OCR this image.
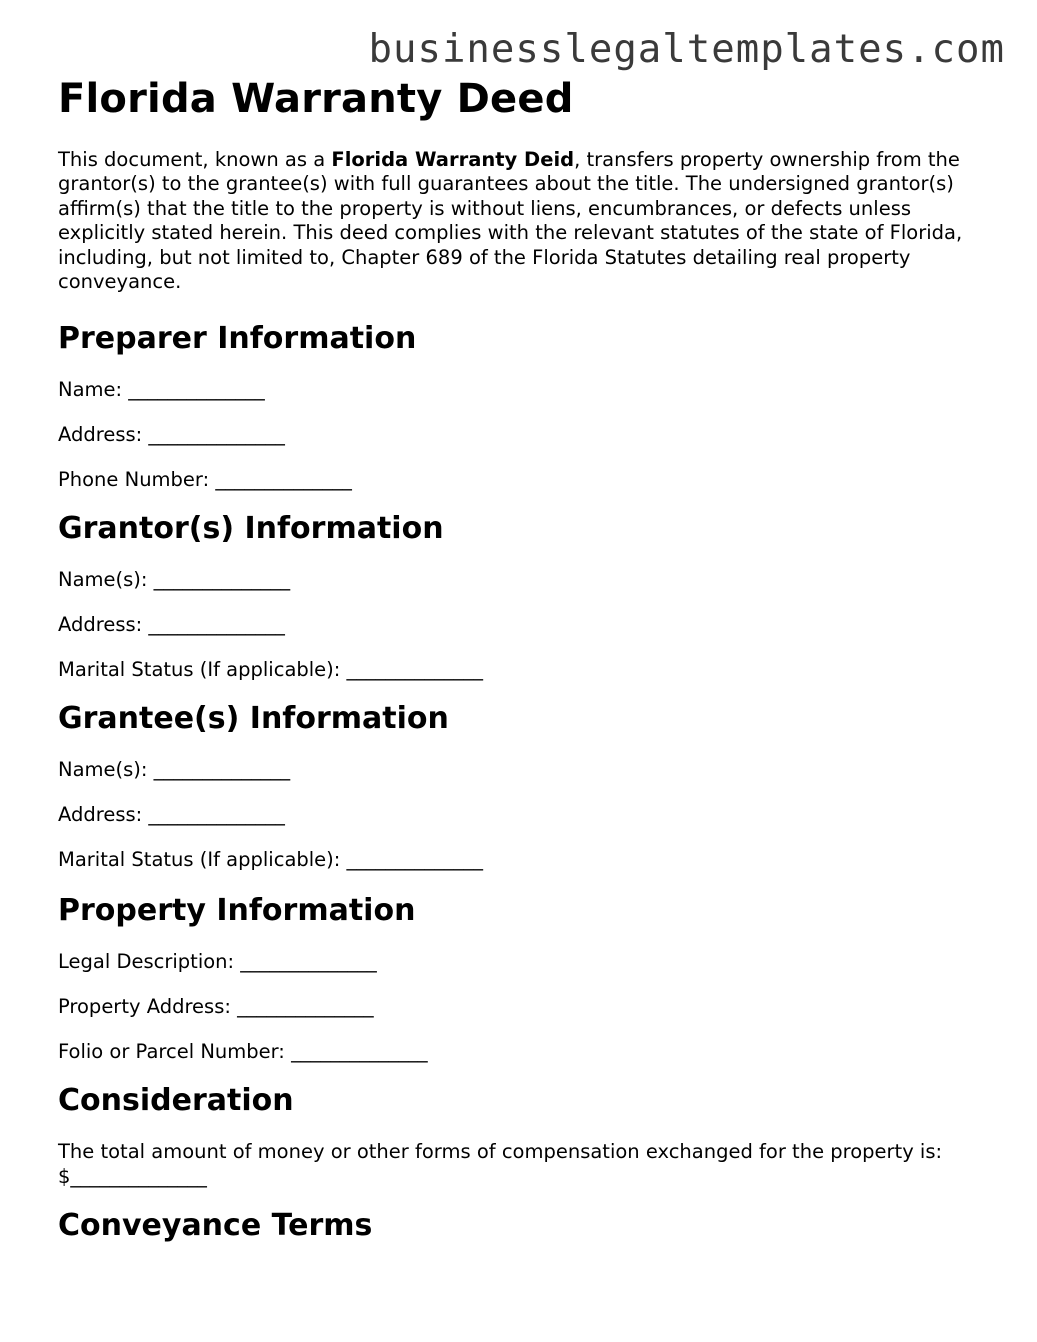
businesslegaltemplates.com
Florida Warranty Deed

This document, known as a Florida Warranty Deid, transfers property ownership from the grantor(s) to the grantee(s) with full guarantees about the title. The undersigned grantor(s) affirm(s) that the title to the property is without liens, encumbrances, or defects unless explicitly stated herein. This deed complies with the relevant statutes of the state of Florida, including, but not limited to, Chapter 689 of the Florida Statutes detailing real property conveyance.

Preparer Information

Name: ______________

Address: ______________

Phone Number: ______________

Grantor(s) Information

Name(s): ______________

Address: ______________

Marital Status (If applicable): ______________

Grantee(s) Information

Name(s): ______________

Address: ______________

Marital Status (If applicable): ______________

Property Information

Legal Description: ______________

Property Address: ______________

Folio or Parcel Number: ______________

Consideration

The total amount of money or other forms of compensation exchanged for the property is: $______________

Conveyance Terms
